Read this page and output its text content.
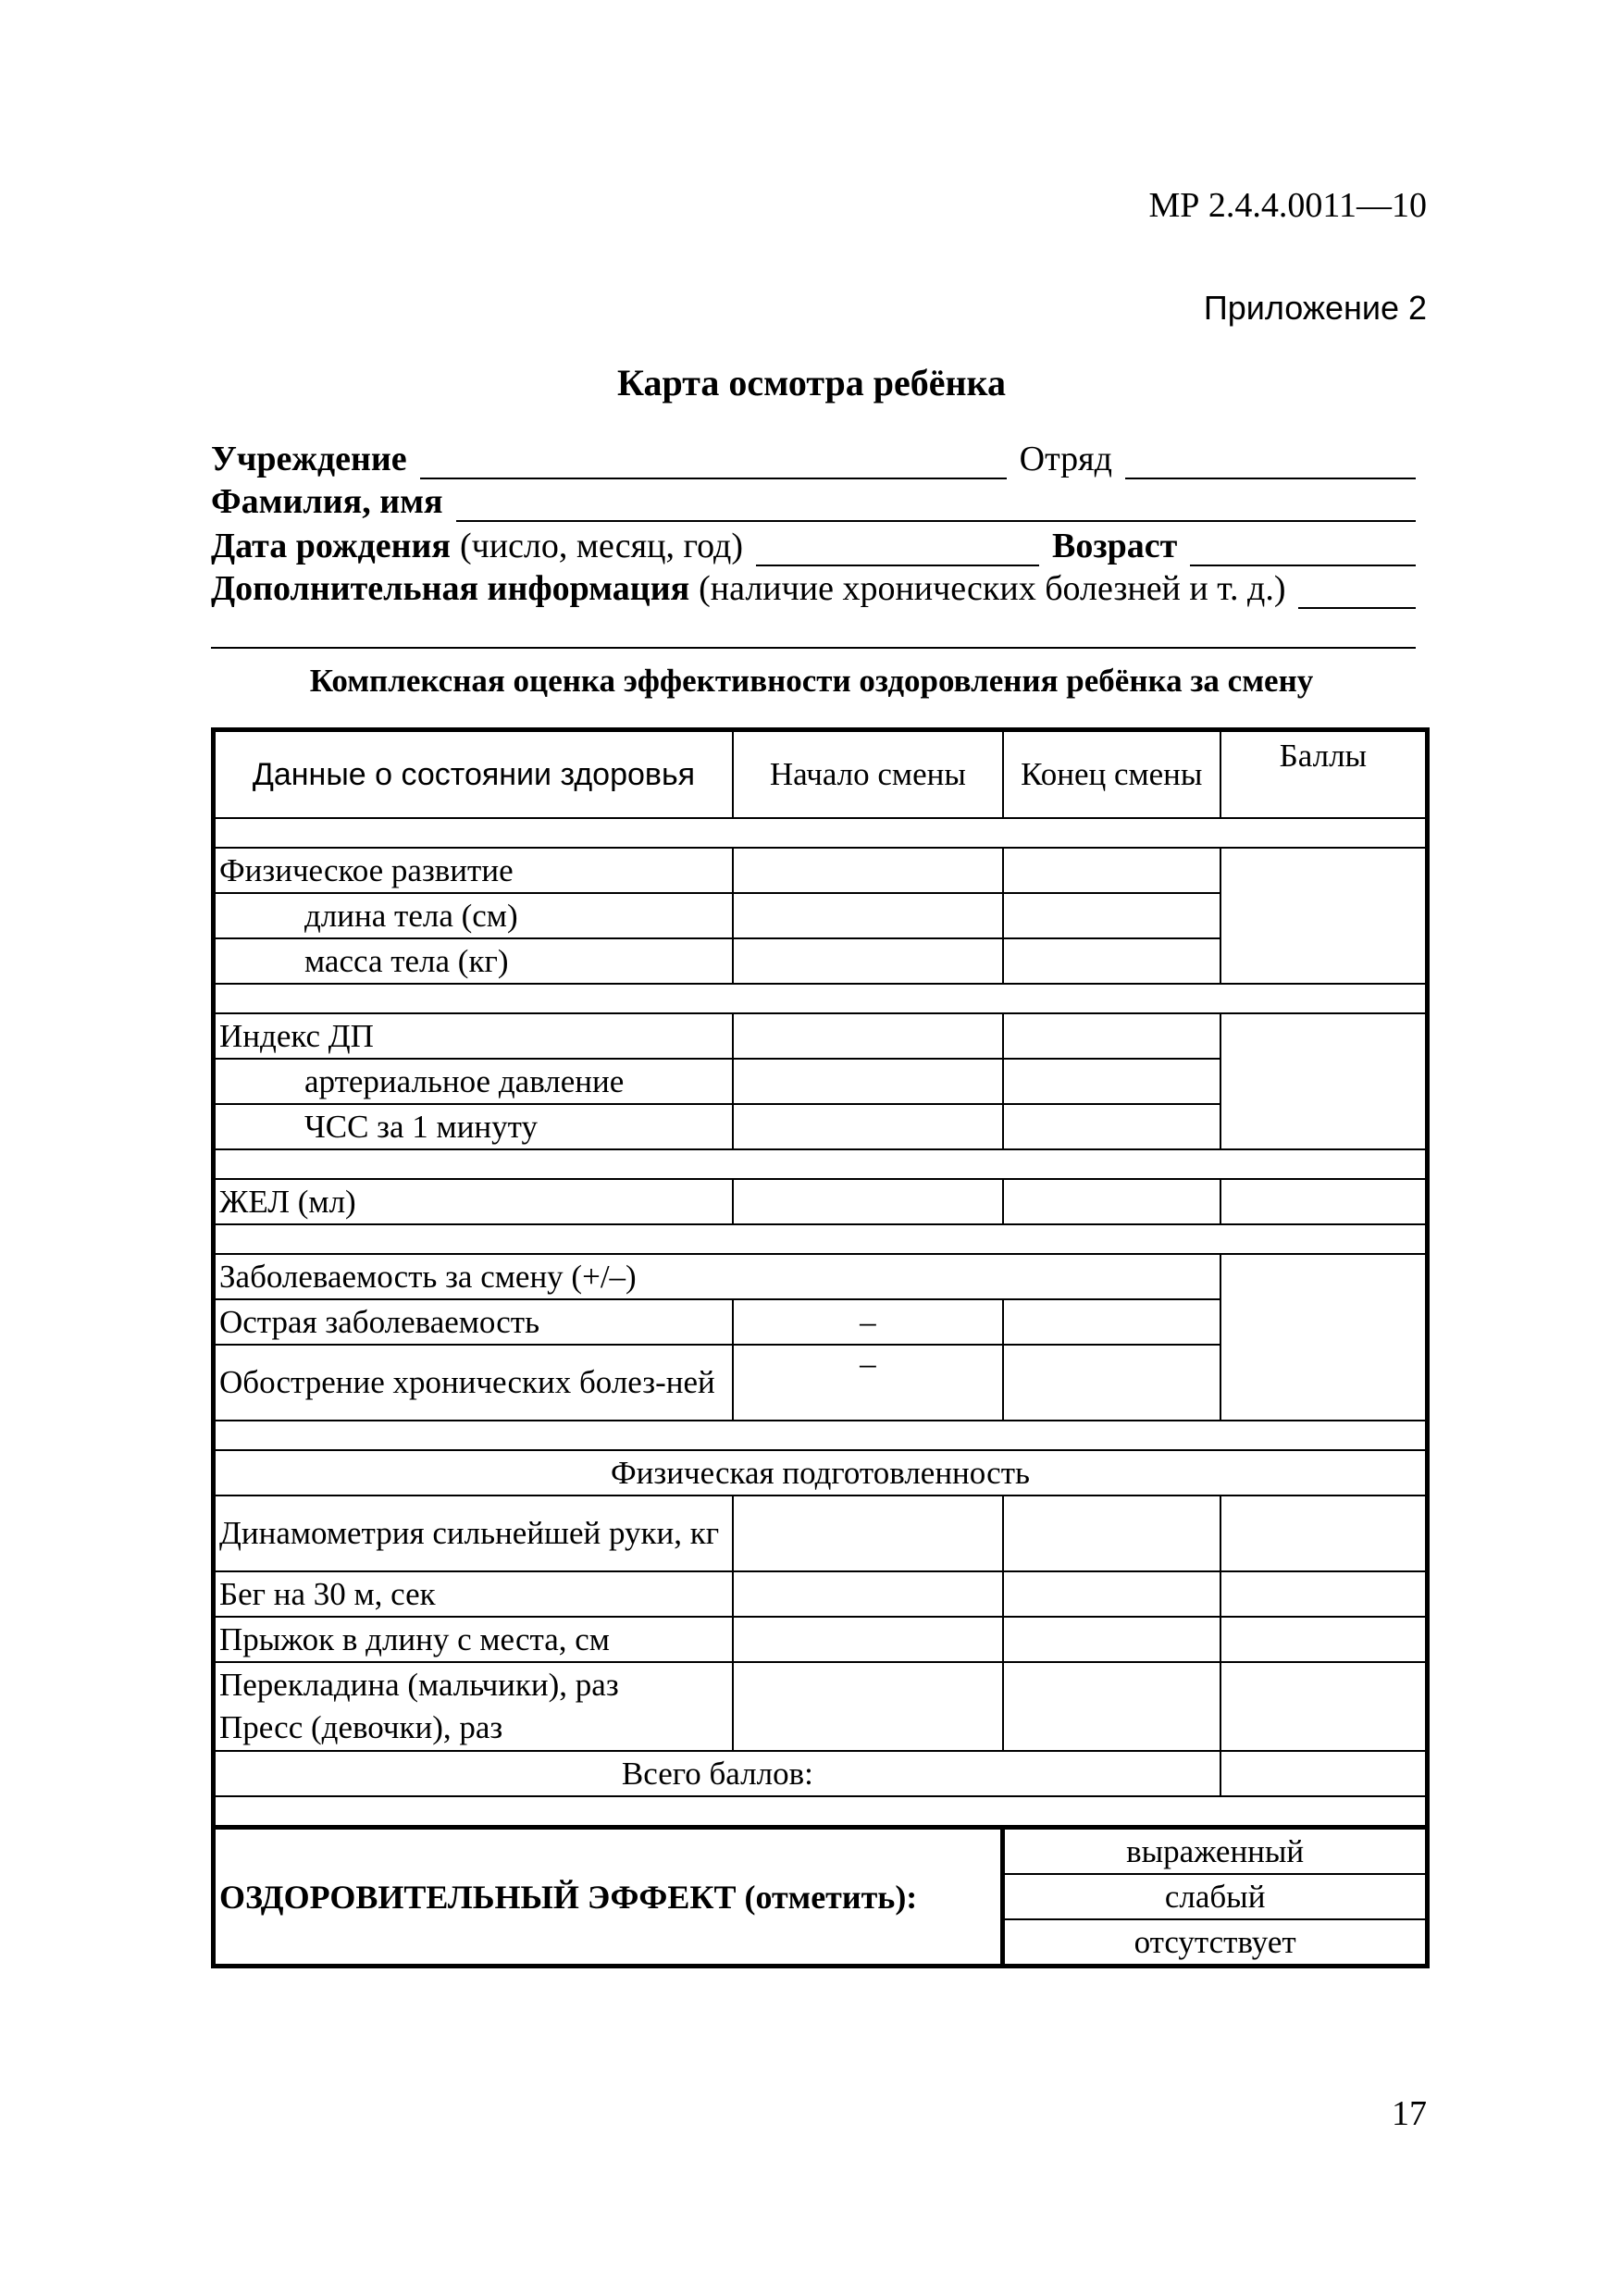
МР 2.4.4.0011—10
Приложение 2
Карта осмотра ребёнка
Учреждение	Отряд
Фамилия, имя
Дата рождения (число, месяц, год)	Возраст
Дополнительная информация (наличие хронических болезней и т. д.)
Комплексная оценка эффективности оздоровления ребёнка за смену
Данные о состоянии здоровья	Начало смены	Конец смены	Баллы

Физическое развитие			
длина тела (см)			
масса тела (кг)			

Индекс ДП			
артериальное давление			
ЧСС за 1 минуту			

ЖЕЛ (мл)			

Заболеваемость за смену (+/–)			
Острая заболеваемость	–		
Обострение хронических болез-ней	–		

Физическая подготовленность			
Динамометрия сильнейшей руки, кг			
Бег на 30 м, сек			
Прыжок в длину с места, см			

Перекладина (мальчики), раз
Пресс (девочки), раз			

Всего баллов:			

ОЗДОРОВИТЕЛЬНЫЙ ЭФФЕКТ (отметить):		выраженный	
		слабый	
		отсутствует	
17
